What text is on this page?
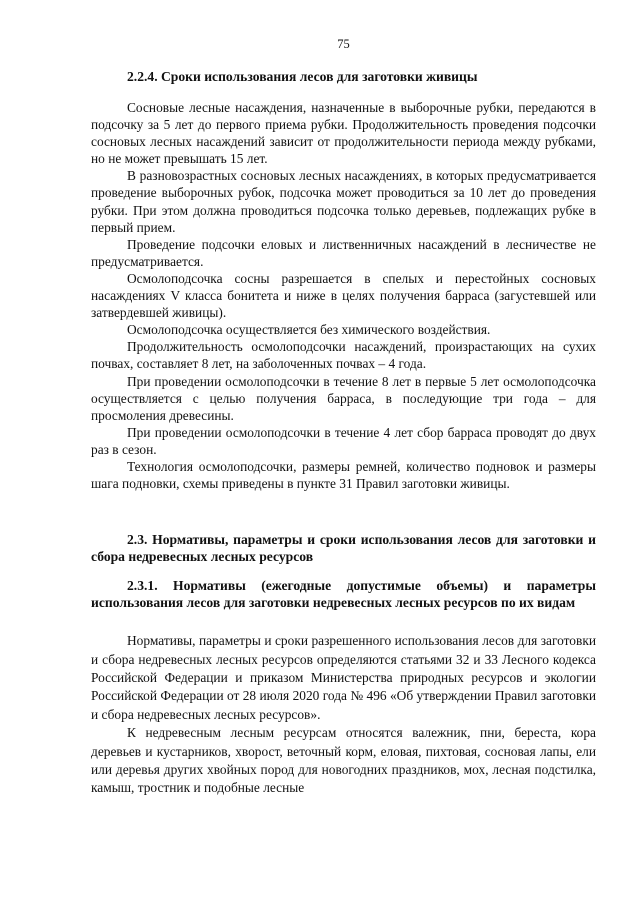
75
2.2.4. Сроки использования лесов для заготовки живицы

Сосновые лесные насаждения, назначенные в выборочные рубки, передаются в подсочку за 5 лет до первого приема рубки. Продолжительность проведения подсочки сосновых лесных насаждений зависит от продолжительности периода между рубками, но не может превышать 15 лет.

В разновозрастных сосновых лесных насаждениях, в которых предусматривается проведение выборочных рубок, подсочка может проводиться за 10 лет до проведения рубки. При этом должна проводиться подсочка только деревьев, подлежащих рубке в первый прием.

Проведение подсочки еловых и лиственничных насаждений в лесничестве не предусматривается.

Осмолоподсочка сосны разрешается в спелых и перестойных сосновых насаждениях V класса бонитета и ниже в целях получения барраса (загустевшей или затвердевшей живицы).

Осмолоподсочка осуществляется без химического воздействия.

Продолжительность осмолоподсочки насаждений, произрастающих на сухих почвах, составляет 8 лет, на заболоченных почвах – 4 года.

При проведении осмолоподсочки в течение 8 лет в первые 5 лет осмолоподсочка осуществляется с целью получения барраса, в последующие три года – для просмоления древесины.

При проведении осмолоподсочки в течение 4 лет сбор барраса проводят до двух раз в сезон.

Технология осмолоподсочки, размеры ремней, количество подновок и размеры шага подновки, схемы приведены в пункте 31 Правил заготовки живицы.

2.3. Нормативы, параметры и сроки использования лесов для заготовки и сбора недревесных лесных ресурсов
2.3.1. Нормативы (ежегодные допустимые объемы) и параметры использования лесов для заготовки недревесных лесных ресурсов по их видам

Нормативы, параметры и сроки разрешенного использования лесов для заготовки и сбора недревесных лесных ресурсов определяются статьями 32 и 33 Лесного кодекса Российской Федерации и приказом Министерства природных ресурсов и экологии Российской Федерации от 28 июля 2020 года № 496 «Об утверждении Правил заготовки и сбора недревесных лесных ресурсов».

К недревесным лесным ресурсам относятся валежник, пни, береста, кора деревьев и кустарников, хворост, веточный корм, еловая, пихтовая, сосновая лапы, ели или деревья других хвойных пород для новогодних праздников, мох, лесная подстилка, камыш, тростник и подобные лесные
